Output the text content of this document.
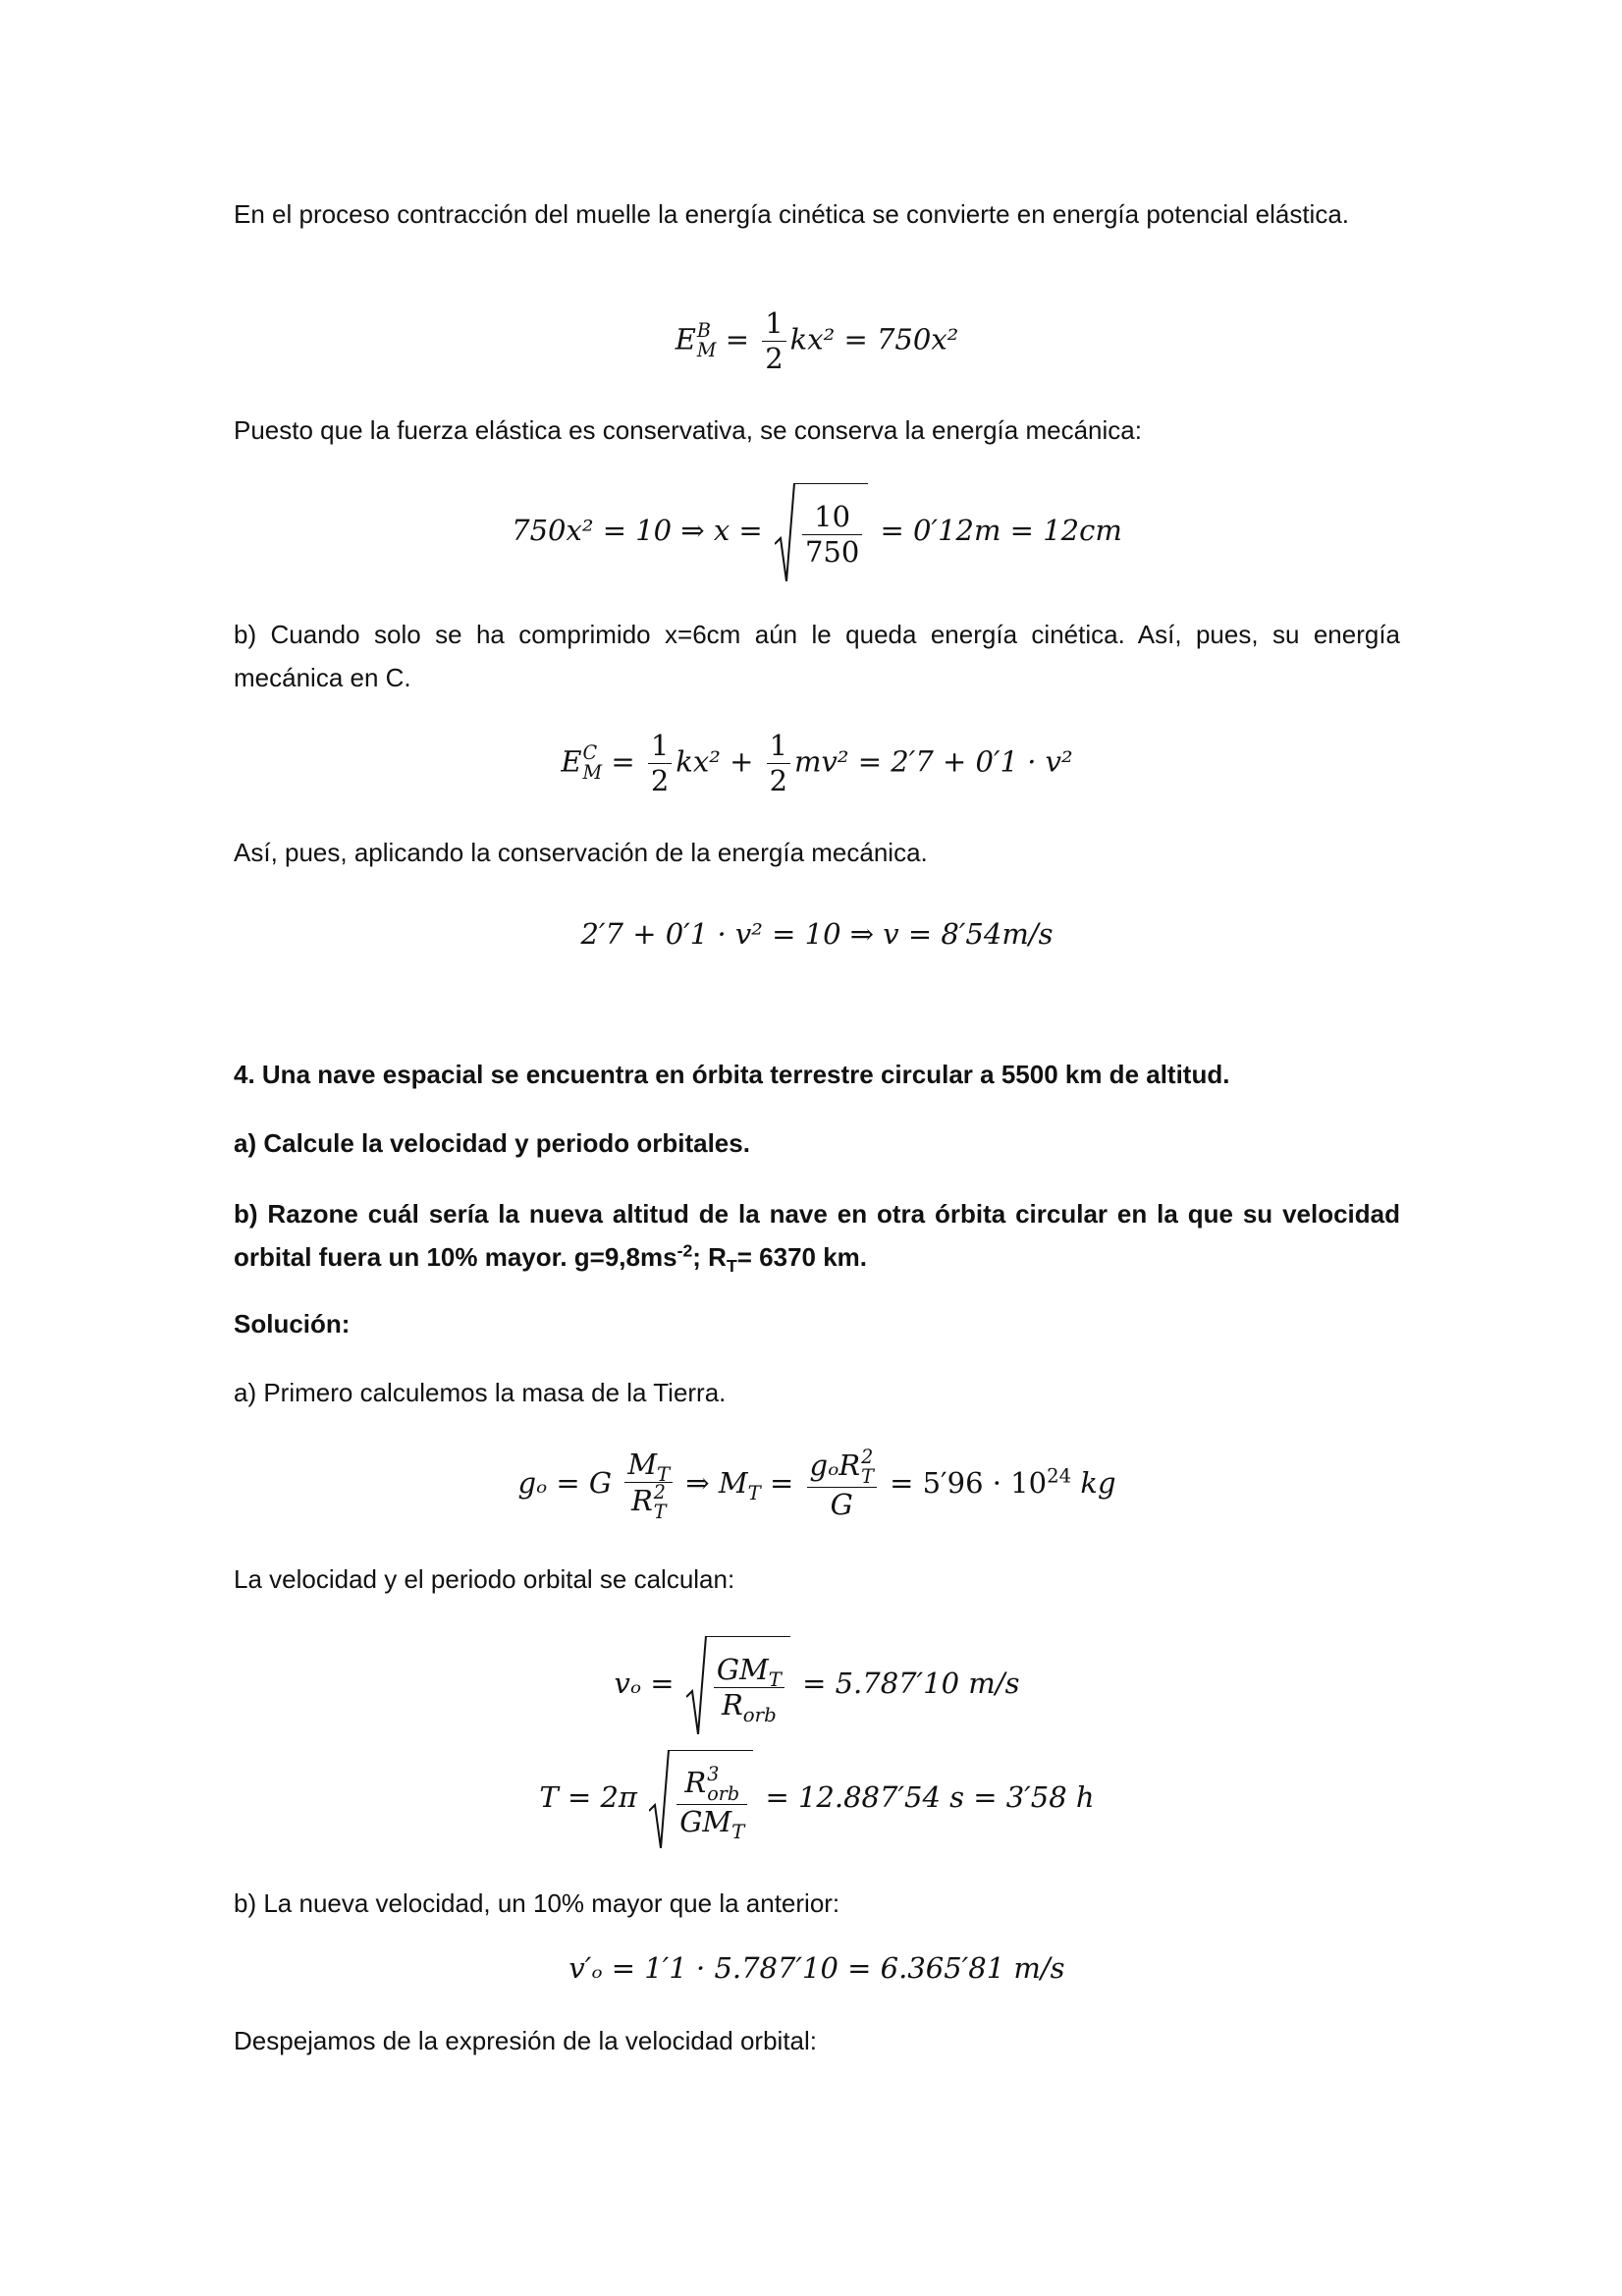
En el proceso contracción del muelle la energía cinética se convierte en energía potencial elástica.

E B
$M = \frac{1}{2} kx^2 = 750x^2$

Puesto que la fuerza elástica es conservativa, se conserva la energía mecánica:

750x² = 10 ⇒ $x = \frac{10}{750} = 0'12m = 12cm$

b) Cuando solo se ha comprimido x=6cm aún le queda energía cinética. Así, pues, su energía mecánica en C.

E C
$M = \frac{1}{2} kx^2 + \frac{1}{2} mv^2 = 2'7 + 0'1 \cdot v^2$

Así, pues, aplicando la conservación de la energía mecánica.

2′7 + 0′1 · v² = 10 ⇒ v = 8′54m/s

4. Una nave espacial se encuentra en órbita terrestre circular a 5500 km de altitud.

a) Calcule la velocidad y periodo orbitales.

b) Razone cuál sería la nueva altitud de la nave en otra órbita circular en la que su velocidad orbital fuera un 10% mayor. $g=9,8ms^{-2}$; $R_T= 6370$ km.

Solución:

a) Primero calculemos la masa de la Tierra.

gₒ = G $M_T$
R 2
T ⇒ $M_T = g_oR$ 2
T
$G = 5'96 \cdot 10^{24}$ kg

La velocidad y el periodo orbital se calculan:

$v_o = \frac{GM_T}{R_{orb}} = 5.787'10$ m/s
T = 2π R 3
orb
$GM_T = 12.887'54$ s = 3′58 h

b) La nueva velocidad, un 10% mayor que la anterior:

v′ₒ = 1′1 · 5.787′10 = 6.365′81 m/s

Despejamos de la expresión de la velocidad orbital:
